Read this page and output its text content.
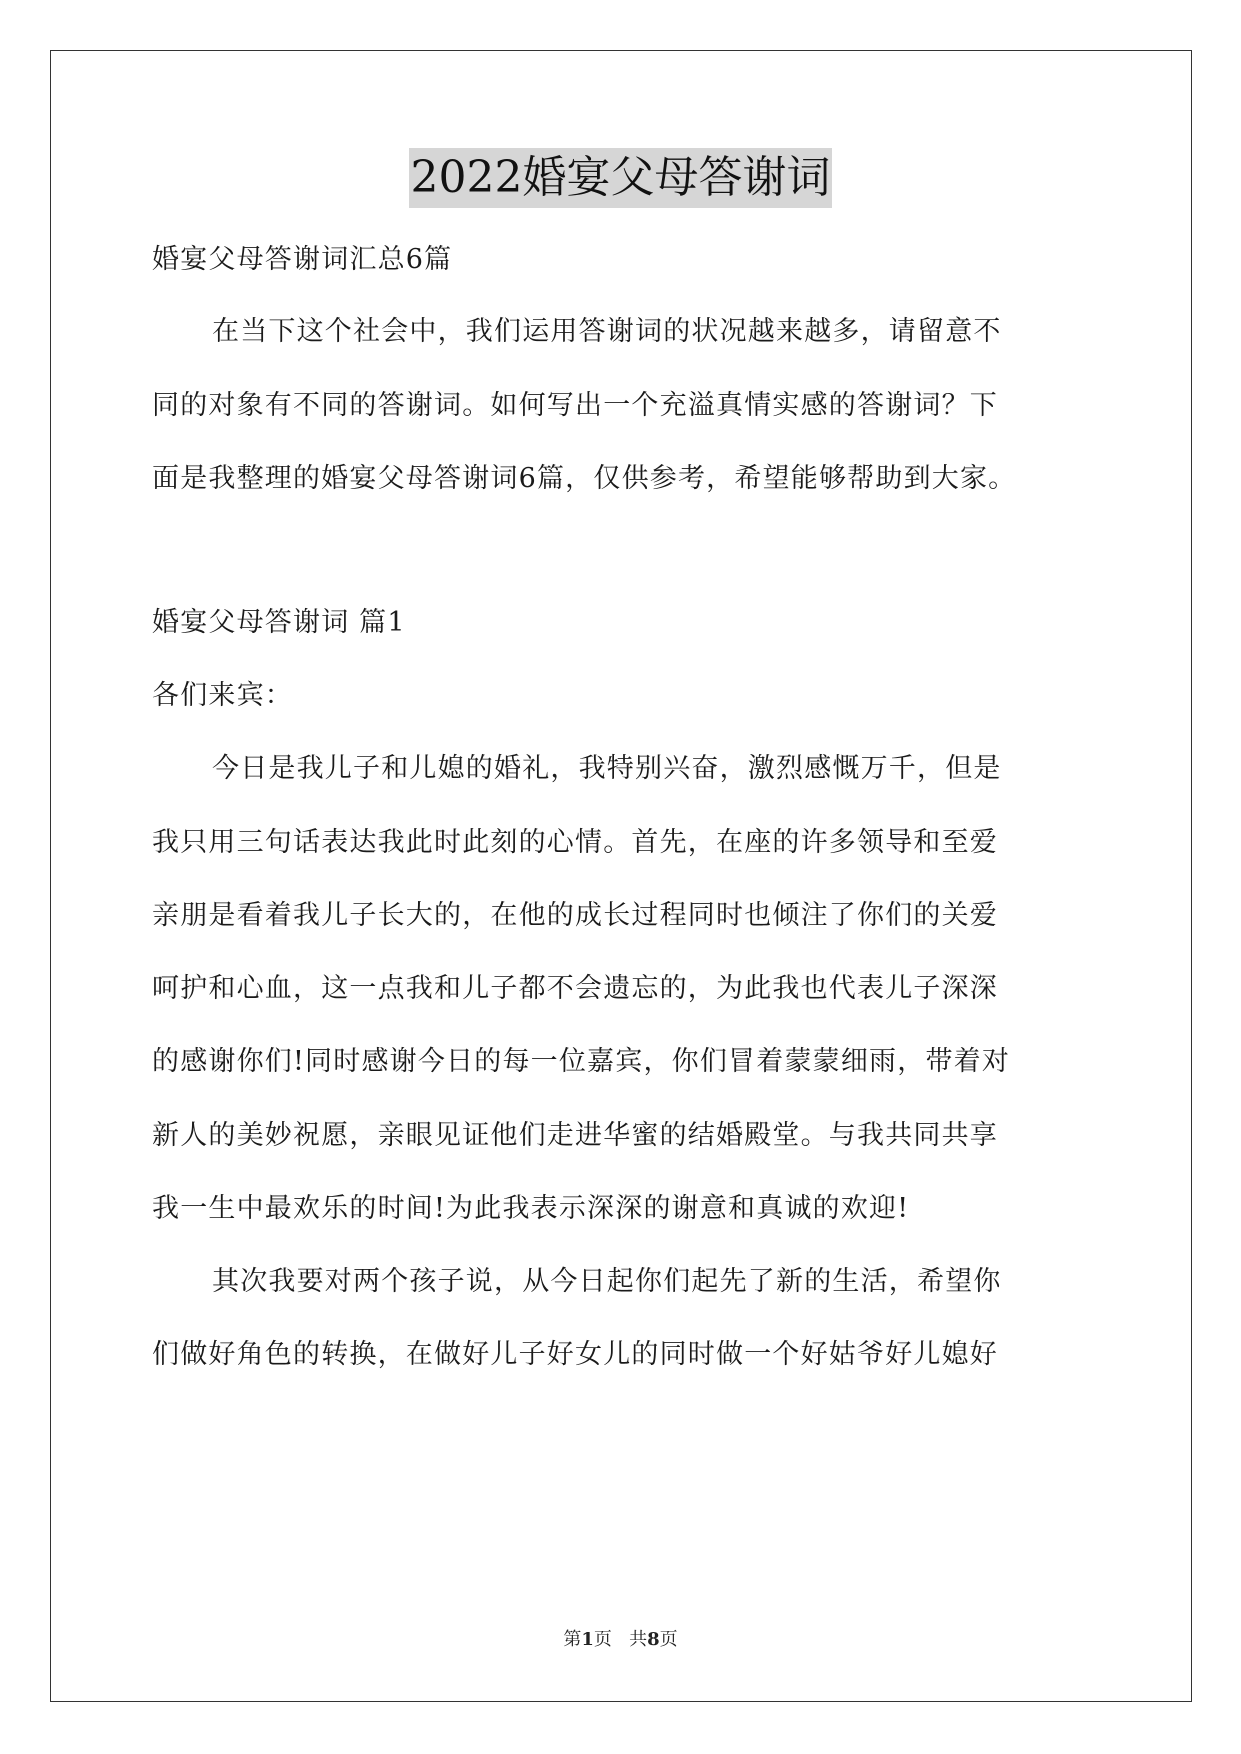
2022婚宴父母答谢词
婚宴父母答谢词汇总6篇
在当下这个社会中，我们运用答谢词的状况越来越多，请留意不
同的对象有不同的答谢词。如何写出一个充溢真情实感的答谢词？下
面是我整理的婚宴父母答谢词6篇，仅供参考，希望能够帮助到大家。
婚宴父母答谢词 篇1
各们来宾：
今日是我儿子和儿媳的婚礼，我特别兴奋，激烈感慨万千，但是
我只用三句话表达我此时此刻的心情。首先，在座的许多领导和至爱
亲朋是看着我儿子长大的，在他的成长过程同时也倾注了你们的关爱
呵护和心血，这一点我和儿子都不会遗忘的，为此我也代表儿子深深
的感谢你们!同时感谢今日的每一位嘉宾，你们冒着蒙蒙细雨，带着对
新人的美妙祝愿，亲眼见证他们走进华蜜的结婚殿堂。与我共同共享
我一生中最欢乐的时间!为此我表示深深的谢意和真诚的欢迎!
其次我要对两个孩子说，从今日起你们起先了新的生活，希望你
们做好角色的转换，在做好儿子好女儿的同时做一个好姑爷好儿媳好
第1页   共8页
